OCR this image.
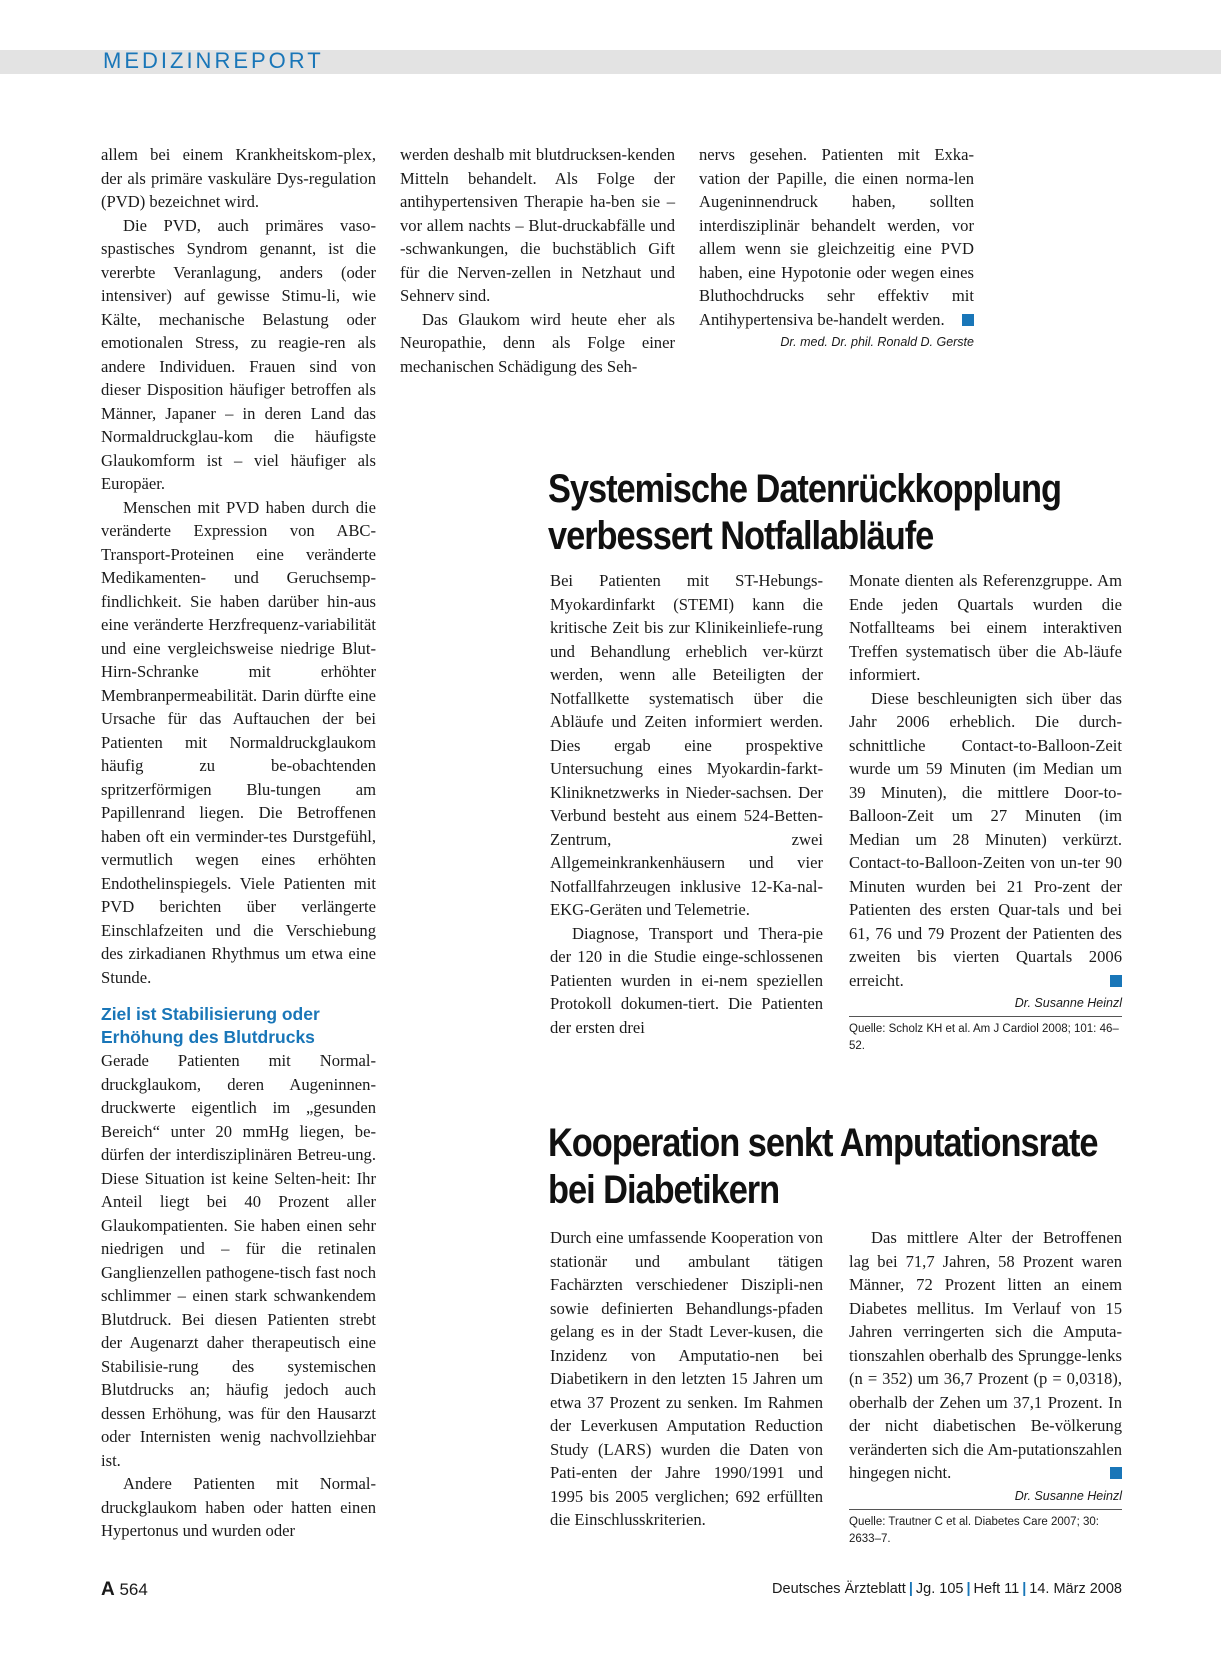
MEDIZINREPORT

allem bei einem Krankheitskom-plex, der als primäre vaskuläre Dys-regulation (PVD) bezeichnet wird.

Die PVD, auch primäres vaso-spastisches Syndrom genannt, ist die vererbte Veranlagung, anders (oder intensiver) auf gewisse Stimu-li, wie Kälte, mechanische Belastung oder emotionalen Stress, zu reagie-ren als andere Individuen. Frauen sind von dieser Disposition häufiger betroffen als Männer, Japaner – in deren Land das Normaldruckglau-kom die häufigste Glaukomform ist – viel häufiger als Europäer.

Menschen mit PVD haben durch die veränderte Expression von ABC-Transport-Proteinen eine veränderte Medikamenten- und Geruchsemp-findlichkeit. Sie haben darüber hin-aus eine veränderte Herzfrequenz-variabilität und eine vergleichsweise niedrige Blut-Hirn-Schranke mit erhöhter Membranpermeabilität. Darin dürfte eine Ursache für das Auftauchen der bei Patienten mit Normaldruckglaukom häufig zu be-obachtenden spritzerförmigen Blu-tungen am Papillenrand liegen. Die Betroffenen haben oft ein verminder-tes Durstgefühl, vermutlich wegen eines erhöhten Endothelinspiegels. Viele Patienten mit PVD berichten über verlängerte Einschlafzeiten und die Verschiebung des zirkadianen Rhythmus um etwa eine Stunde.

Ziel ist Stabilisierung oder Erhöhung des Blutdrucks

Gerade Patienten mit Normal-druckglaukom, deren Augeninnen-druckwerte eigentlich im „gesunden Bereich“ unter 20 mmHg liegen, be-dürfen der interdisziplinären Betreu-ung. Diese Situation ist keine Selten-heit: Ihr Anteil liegt bei 40 Prozent aller Glaukompatienten. Sie haben einen sehr niedrigen und – für die retinalen Ganglienzellen pathogene-tisch fast noch schlimmer – einen stark schwankendem Blutdruck. Bei diesen Patienten strebt der Augenarzt daher therapeutisch eine Stabilisie-rung des systemischen Blutdrucks an; häufig jedoch auch dessen Erhöhung, was für den Hausarzt oder Internisten wenig nachvollziehbar ist.

Andere Patienten mit Normal-druckglaukom haben oder hatten einen Hypertonus und wurden oder

werden deshalb mit blutdrucksen-kenden Mitteln behandelt. Als Folge der antihypertensiven Therapie ha-ben sie – vor allem nachts – Blut-druckabfälle und -schwankungen, die buchstäblich Gift für die Nerven-zellen in Netzhaut und Sehnerv sind.

Das Glaukom wird heute eher als Neuropathie, denn als Folge einer mechanischen Schädigung des Seh-

nervs gesehen. Patienten mit Exka-vation der Papille, die einen norma-len Augeninnendruck haben, sollten interdisziplinär behandelt werden, vor allem wenn sie gleichzeitig eine PVD haben, eine Hypotonie oder wegen eines Bluthochdrucks sehr effektiv mit Antihypertensiva be-handelt werden.

Dr. med. Dr. phil. Ronald D. Gerste
Systemische Datenrückkopplung verbessert Notfallabläufe

Bei Patienten mit ST-Hebungs-Myokardinfarkt (STEMI) kann die kritische Zeit bis zur Klinikeinliefe-rung und Behandlung erheblich ver-kürzt werden, wenn alle Beteiligten der Notfallkette systematisch über die Abläufe und Zeiten informiert werden. Dies ergab eine prospektive Untersuchung eines Myokardin-farkt-Kliniknetzwerks in Nieder-sachsen. Der Verbund besteht aus einem 524-Betten-Zentrum, zwei Allgemeinkrankenhäusern und vier Notfallfahrzeugen inklusive 12-Ka-nal-EKG-Geräten und Telemetrie.

Diagnose, Transport und Thera-pie der 120 in die Studie einge-schlossenen Patienten wurden in ei-nem speziellen Protokoll dokumen-tiert. Die Patienten der ersten drei

Monate dienten als Referenzgruppe. Am Ende jeden Quartals wurden die Notfallteams bei einem interaktiven Treffen systematisch über die Ab-läufe informiert.

Diese beschleunigten sich über das Jahr 2006 erheblich. Die durch-schnittliche Contact-to-Balloon-Zeit wurde um 59 Minuten (im Median um 39 Minuten), die mittlere Door-to-Balloon-Zeit um 27 Minuten (im Median um 28 Minuten) verkürzt. Contact-to-Balloon-Zeiten von un-ter 90 Minuten wurden bei 21 Pro-zent der Patienten des ersten Quar-tals und bei 61, 76 und 79 Prozent der Patienten des zweiten bis vierten Quartals 2006 erreicht.

Dr. Susanne Heinzl
Quelle: Scholz KH et al. Am J Cardiol 2008; 101: 46–52.
Kooperation senkt Amputationsrate bei Diabetikern

Durch eine umfassende Kooperation von stationär und ambulant tätigen Fachärzten verschiedener Diszipli-nen sowie definierten Behandlungs-pfaden gelang es in der Stadt Lever-kusen, die Inzidenz von Amputatio-nen bei Diabetikern in den letzten 15 Jahren um etwa 37 Prozent zu senken. Im Rahmen der Leverkusen Amputation Reduction Study (LARS) wurden die Daten von Pati-enten der Jahre 1990/1991 und 1995 bis 2005 verglichen; 692 erfüllten die Einschlusskriterien.

Das mittlere Alter der Betroffenen lag bei 71,7 Jahren, 58 Prozent waren Männer, 72 Prozent litten an einem Diabetes mellitus. Im Verlauf von 15 Jahren verringerten sich die Amputa-tionszahlen oberhalb des Sprungge-lenks (n = 352) um 36,7 Prozent (p = 0,0318), oberhalb der Zehen um 37,1 Prozent. In der nicht diabetischen Be-völkerung veränderten sich die Am-putationszahlen hingegen nicht.

Dr. Susanne Heinzl
Quelle: Trautner C et al. Diabetes Care 2007; 30: 2633–7.
A 564	Deutsches Ärzteblatt | Jg. 105 | Heft 11 | 14. März 2008
